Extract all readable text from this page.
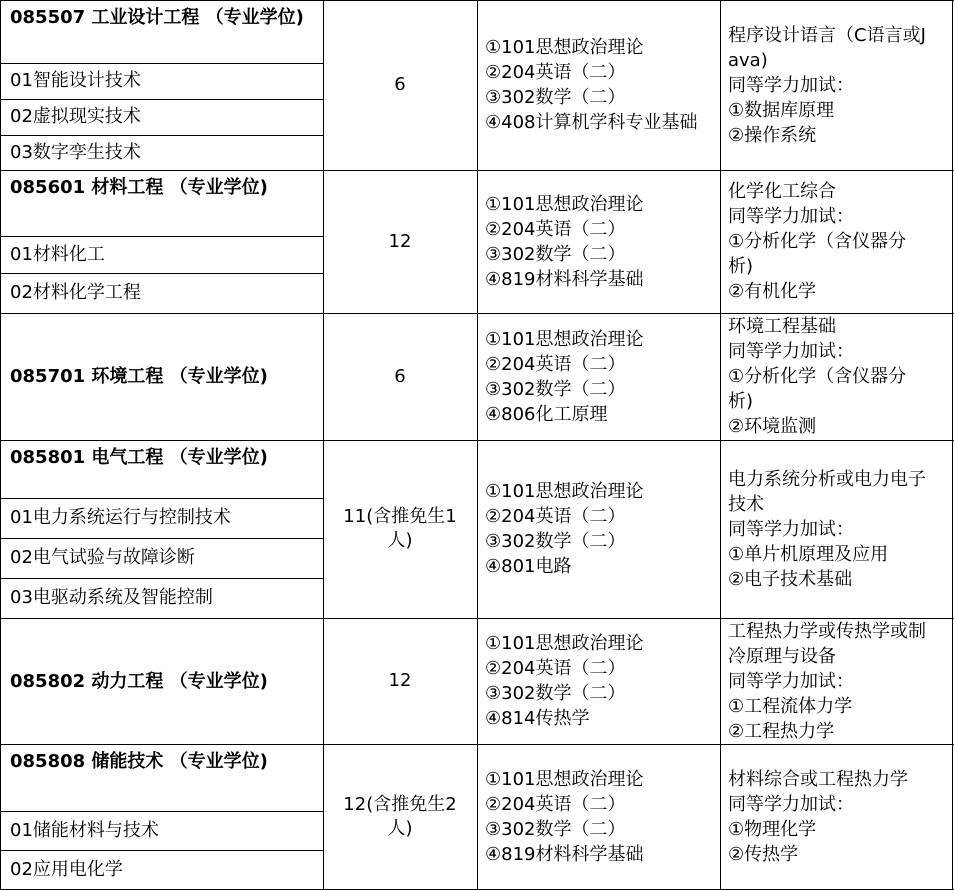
085507 工业设计工程 （专业学位)
01智能设计技术
02虚拟现实技术
03数字孪生技术
6
①101思想政治理论
②204英语（二）
③302数学（二）
④408计算机学科专业基础
程序设计语言（C语言或J
ava)
同等学力加试：
①数据库原理
②操作系统
085601 材料工程 （专业学位)
01材料化工
02材料化学工程
12
①101思想政治理论
②204英语（二）
③302数学（二）
④819材料科学基础
化学化工综合
同等学力加试：
①分析化学（含仪器分
析)
②有机化学
085701 环境工程 （专业学位)	6
①101思想政治理论
②204英语（二）
③302数学（二）
④806化工原理
环境工程基础
同等学力加试：
①分析化学（含仪器分
析)
②环境监测
085801 电气工程 （专业学位)
01电力系统运行与控制技术
02电气试验与故障诊断
03电驱动系统及智能控制
11(含推免生1人)
①101思想政治理论
②204英语（二）
③302数学（二）
④801电路
电力系统分析或电力电子
技术
同等学力加试：
①单片机原理及应用
②电子技术基础
085802 动力工程 （专业学位)	12
①101思想政治理论
②204英语（二）
③302数学（二）
④814传热学
工程热力学或传热学或制
冷原理与设备
同等学力加试：
①工程流体力学
②工程热力学
085808 储能技术 （专业学位)
01储能材料与技术
02应用电化学
12(含推免生2人)
①101思想政治理论
②204英语（二）
③302数学（二）
④819材料科学基础
材料综合或工程热力学
同等学力加试：
①物理化学
②传热学
